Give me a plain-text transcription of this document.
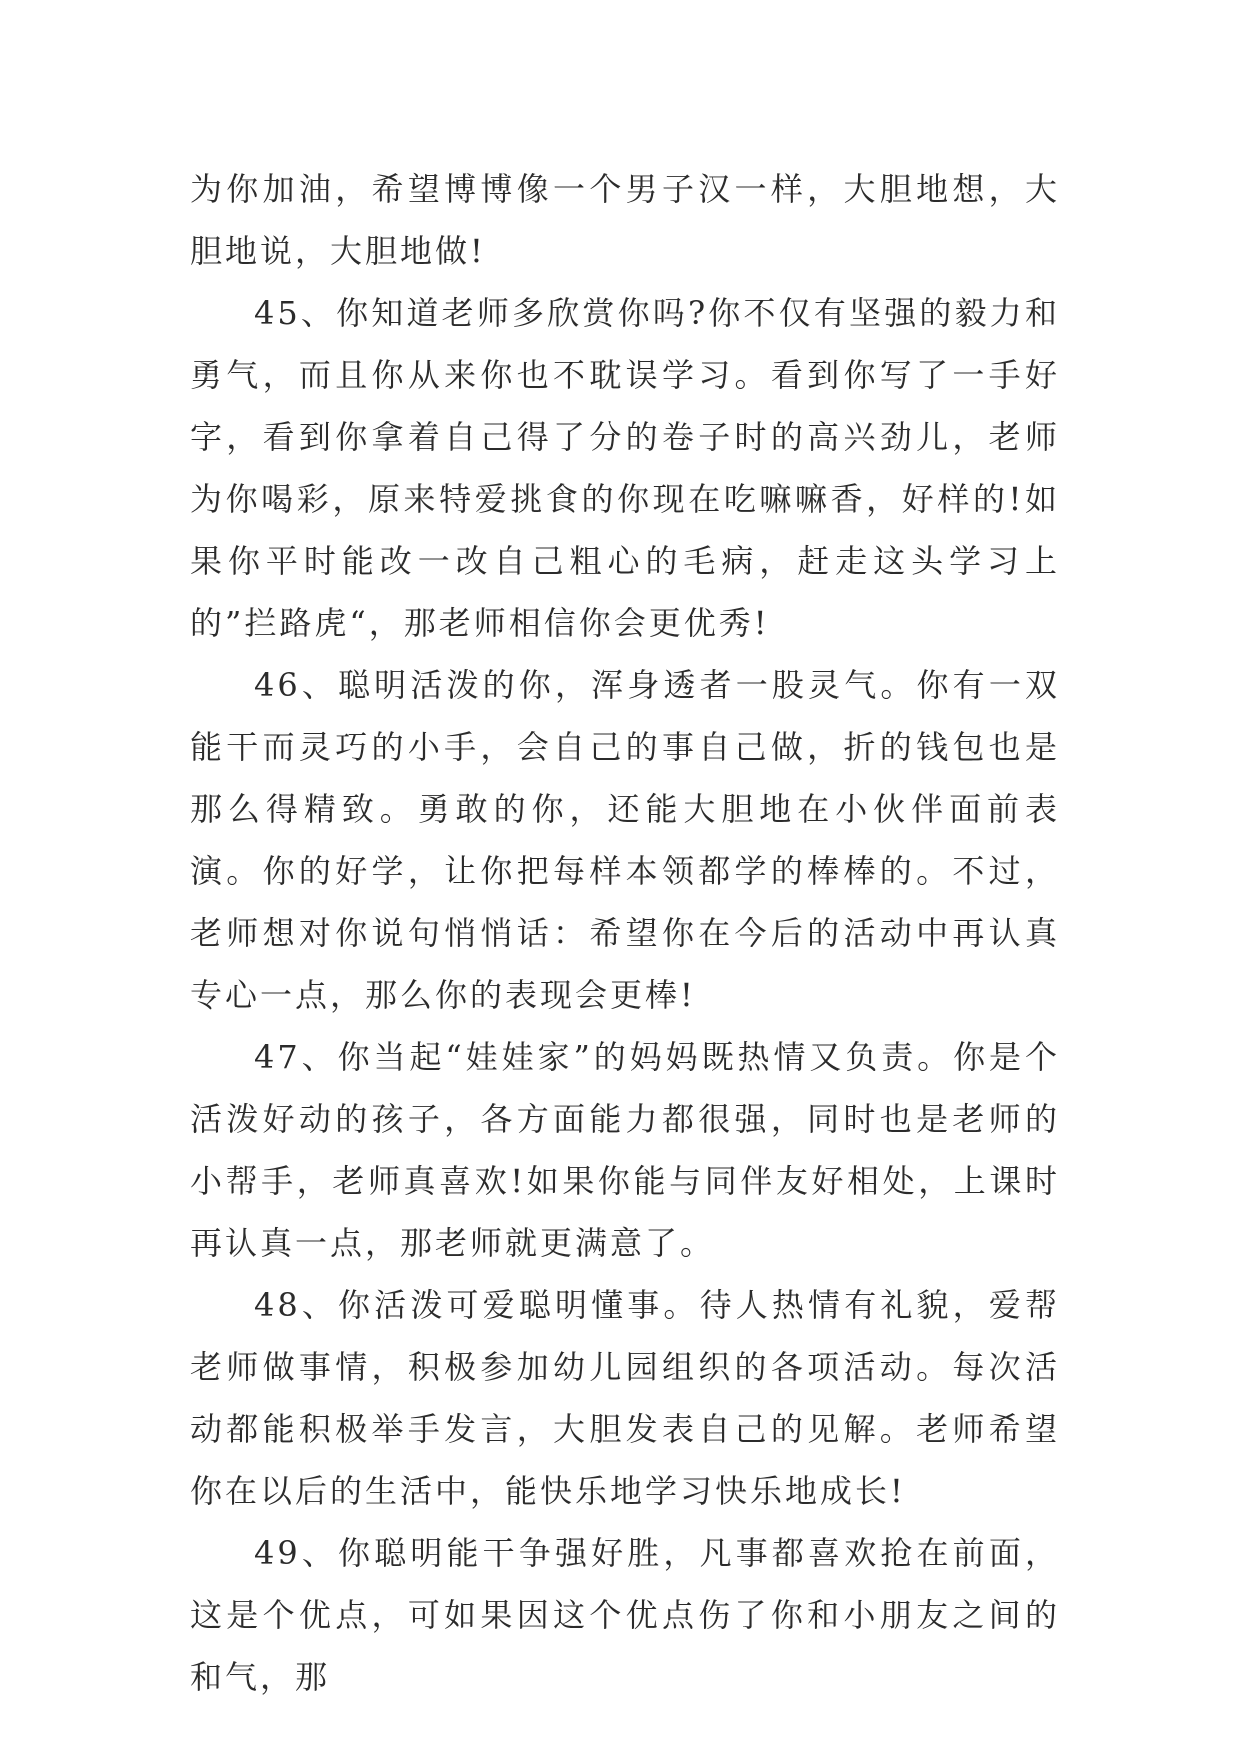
为你加油，希望博博像一个男子汉一样，大胆地想，大胆地说，大胆地做!

45、你知道老师多欣赏你吗?你不仅有坚强的毅力和勇气，而且你从来你也不耽误学习。看到你写了一手好字，看到你拿着自己得了分的卷子时的高兴劲儿，老师为你喝彩，原来特爱挑食的你现在吃嘛嘛香，好样的!如果你平时能改一改自己粗心的毛病，赶走这头学习上的”拦路虎“，那老师相信你会更优秀!

46、聪明活泼的你，浑身透者一股灵气。你有一双能干而灵巧的小手，会自己的事自己做，折的钱包也是那么得精致。勇敢的你，还能大胆地在小伙伴面前表演。你的好学，让你把每样本领都学的棒棒的。不过，老师想对你说句悄悄话：希望你在今后的活动中再认真专心一点，那么你的表现会更棒!

47、你当起“娃娃家”的妈妈既热情又负责。你是个活泼好动的孩子，各方面能力都很强，同时也是老师的小帮手，老师真喜欢!如果你能与同伴友好相处，上课时再认真一点，那老师就更满意了。

48、你活泼可爱聪明懂事。待人热情有礼貌，爱帮老师做事情，积极参加幼儿园组织的各项活动。每次活动都能积极举手发言，大胆发表自己的见解。老师希望你在以后的生活中，能快乐地学习快乐地成长!

49、你聪明能干争强好胜，凡事都喜欢抢在前面，这是个优点，可如果因这个优点伤了你和小朋友之间的和气，那
